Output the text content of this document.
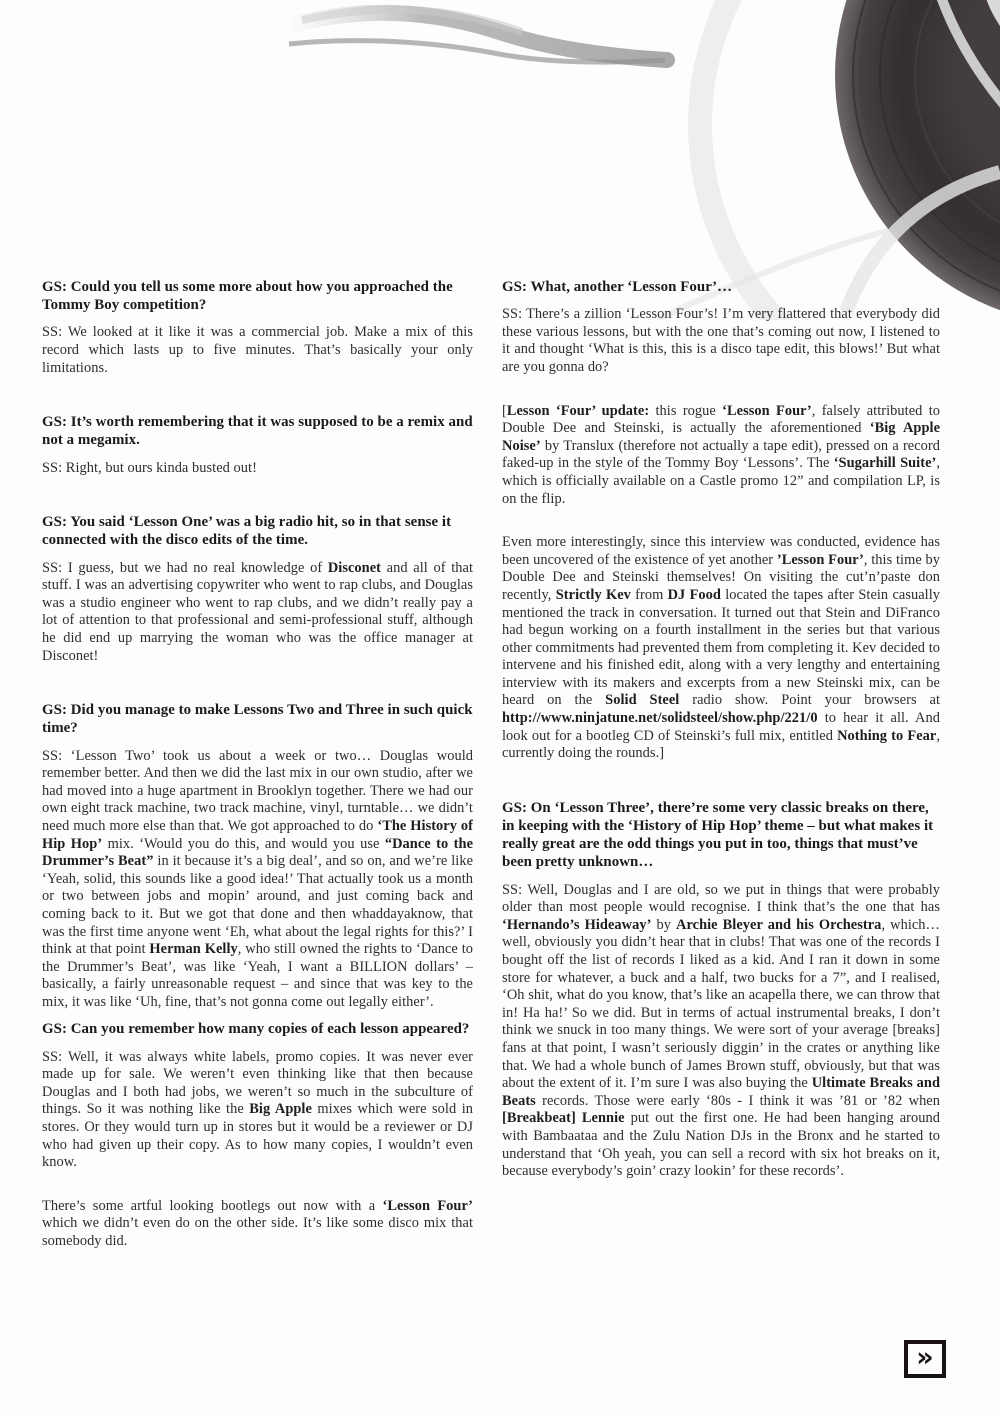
GS: Could you tell us some more about how you approached the Tommy Boy competition?

SS: We looked at it like it was a commercial job. Make a mix of this record which lasts up to five minutes. That’s basically your only limitations.

GS: It’s worth remembering that it was supposed to be a remix and not a megamix.

SS: Right, but ours kinda busted out!

GS: You said ‘Lesson One’ was a big radio hit, so in that sense it connected with the disco edits of the time.

SS: I guess, but we had no real knowledge of Disconet and all of that stuff. I was an advertising copywriter who went to rap clubs, and Douglas was a studio engineer who went to rap clubs, and we didn’t really pay a lot of attention to that professional and semi-professional stuff, although he did end up marrying the woman who was the office manager at Disconet!

GS: Did you manage to make Lessons Two and Three in such quick time?

SS: ‘Lesson Two’ took us about a week or two… Douglas would remember better. And then we did the last mix in our own studio, after we had moved into a huge apartment in Brooklyn together. There we had our own eight track machine, two track machine, vinyl, turntable… we didn’t need much more else than that. We got approached to do ‘The History of Hip Hop’ mix. ‘Would you do this, and would you use “Dance to the Drummer’s Beat” in it because it’s a big deal’, and so on, and we’re like ‘Yeah, solid, this sounds like a good idea!’ That actually took us a month or two between jobs and mopin’ around, and just coming back and coming back to it. But we got that done and then whaddayaknow, that was the first time anyone went ‘Eh, what about the legal rights for this?’ I think at that point Herman Kelly, who still owned the rights to ‘Dance to the Drummer’s Beat’, was like ‘Yeah, I want a BILLION dollars’ – basically, a fairly unreasonable request – and since that was key to the mix, it was like ‘Uh, fine, that’s not gonna come out legally either’.

GS: Can you remember how many copies of each lesson appeared?

SS: Well, it was always white labels, promo copies. It was never ever made up for sale. We weren’t even thinking like that then because Douglas and I both had jobs, we weren’t so much in the subculture of things. So it was nothing like the Big Apple mixes which were sold in stores. Or they would turn up in stores but it would be a reviewer or DJ who had given up their copy. As to how many copies, I wouldn’t even know.

There’s some artful looking bootlegs out now with a ‘Lesson Four’ which we didn’t even do on the other side. It’s like some disco mix that somebody did.

GS: What, another ‘Lesson Four’…

SS: There’s a zillion ‘Lesson Four’s! I’m very flattered that everybody did these various lessons, but with the one that’s coming out now, I listened to it and thought ‘What is this, this is a disco tape edit, this blows!’ But what are you gonna do?

[Lesson ‘Four’ update: this rogue ‘Lesson Four’, falsely attributed to Double Dee and Steinski, is actually the aforementioned ‘Big Apple Noise’ by Translux (therefore not actually a tape edit), pressed on a record faked-up in the style of the Tommy Boy ‘Lessons’. The ‘Sugarhill Suite’, which is officially available on a Castle promo 12” and compilation LP, is on the flip.

Even more interestingly, since this interview was conducted, evidence has been uncovered of the existence of yet another ’Lesson Four’, this time by Double Dee and Steinski themselves! On visiting the cut’n’paste don recently, Strictly Kev from DJ Food located the tapes after Stein casually mentioned the track in conversation. It turned out that Stein and DiFranco had begun working on a fourth installment in the series but that various other commitments had prevented them from completing it. Kev decided to intervene and his finished edit, along with a very lengthy and entertaining interview with its makers and excerpts from a new Steinski mix, can be heard on the Solid Steel radio show. Point your browsers at http://www.ninjatune.net/solidsteel/show.php/221/0 to hear it all. And look out for a bootleg CD of Steinski’s full mix, entitled Nothing to Fear, currently doing the rounds.]

GS: On ‘Lesson Three’, there’re some very classic breaks on there, in keeping with the ‘History of Hip Hop’ theme – but what makes it really great are the odd things you put in too, things that must’ve been pretty unknown…

SS: Well, Douglas and I are old, so we put in things that were probably older than most people would recognise. I think that’s the one that has ‘Hernando’s Hideaway’ by Archie Bleyer and his Orchestra, which… well, obviously you didn’t hear that in clubs! That was one of the records I bought off the list of records I liked as a kid. And I ran it down in some store for whatever, a buck and a half, two bucks for a 7”, and I realised, ‘Oh shit, what do you know, that’s like an acapella there, we can throw that in! Ha ha!’ So we did. But in terms of actual instrumental breaks, I don’t think we snuck in too many things. We were sort of your average [breaks] fans at that point, I wasn’t seriously diggin’ in the crates or anything like that. We had a whole bunch of James Brown stuff, obviously, but that was about the extent of it. I’m sure I was also buying the Ultimate Breaks and Beats records. Those were early ‘80s - I think it was ’81 or ’82 when [Breakbeat] Lennie put out the first one. He had been hanging around with Bambaataa and the Zulu Nation DJs in the Bronx and he started to understand that ‘Oh yeah, you can sell a record with six hot breaks on it, because everybody’s goin’ crazy lookin’ for these records’.

»
